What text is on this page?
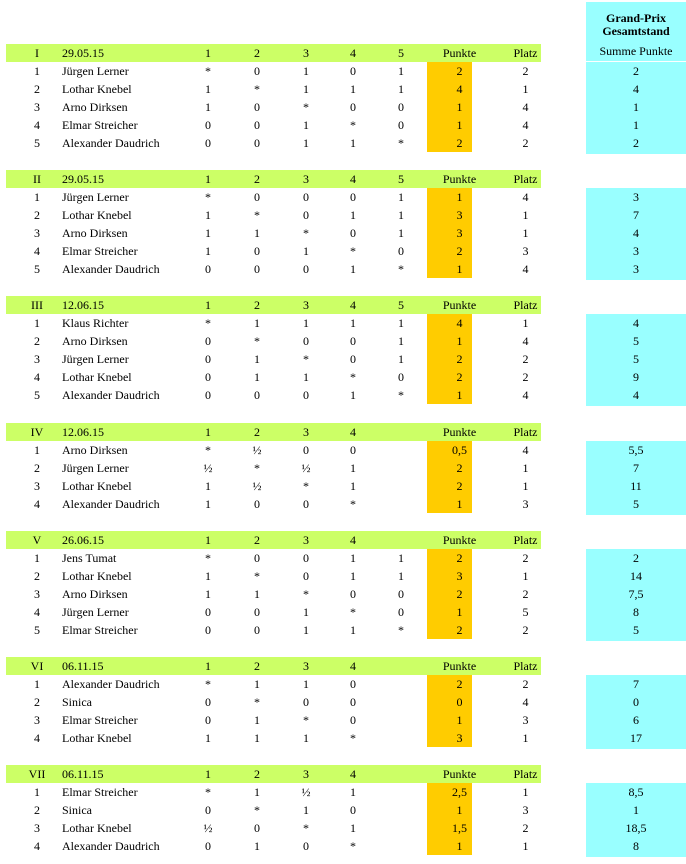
Grand-Prix
Gesamtstand
Summe Punkte
I	29.05.15	1	2	3	4	5	Punkte	Platz
1	Jürgen Lerner	*	0	1	0	1	2	2	2
2	Lothar Knebel	1	*	1	1	1	4	1	4
3	Arno Dirksen	1	0	*	0	0	1	4	1
4	Elmar Streicher	0	0	1	*	0	1	4	1
5	Alexander Daudrich	0	0	1	1	*	2	2	2
II	29.05.15	1	2	3	4	5	Punkte	Platz
1	Jürgen Lerner	*	0	0	0	1	1	4	3
2	Lothar Knebel	1	*	0	1	1	3	1	7
3	Arno Dirksen	1	1	*	0	1	3	1	4
4	Elmar Streicher	1	0	1	*	0	2	3	3
5	Alexander Daudrich	0	0	0	1	*	1	4	3
III	12.06.15	1	2	3	4	5	Punkte	Platz
1	Klaus Richter	*	1	1	1	1	4	1	4
2	Arno Dirksen	0	*	0	0	1	1	4	5
3	Jürgen Lerner	0	1	*	0	1	2	2	5
4	Lothar Knebel	0	1	1	*	0	2	2	9
5	Alexander Daudrich	0	0	0	1	*	1	4	4
IV	12.06.15	1	2	3	4	Punkte	Platz
1	Arno Dirksen	*	½	0	0	0,5	4	5,5
2	Jürgen Lerner	½	*	½	1	2	1	7
3	Lothar Knebel	1	½	*	1	2	1	11
4	Alexander Daudrich	1	0	0	*	1	3	5
V	26.06.15	1	2	3	4	Punkte	Platz
1	Jens Tumat	*	0	0	1	1	2	2	2
2	Lothar Knebel	1	*	0	1	1	3	1	14
3	Arno Dirksen	1	1	*	0	0	2	2	7,5
4	Jürgen Lerner	0	0	1	*	0	1	5	8
5	Elmar Streicher	0	0	1	1	*	2	2	5
VI	06.11.15	1	2	3	4	Punkte	Platz
1	Alexander Daudrich	*	1	1	0	2	2	7
2	Sinica	0	*	0	0	0	4	0
3	Elmar Streicher	0	1	*	0	1	3	6
4	Lothar Knebel	1	1	1	*	3	1	17
VII	06.11.15	1	2	3	4	Punkte	Platz
1	Elmar Streicher	*	1	½	1	2,5	1	8,5
2	Sinica	0	*	1	0	1	3	1
3	Lothar Knebel	½	0	*	1	1,5	2	18,5
4	Alexander Daudrich	0	1	0	*	1	1	8
